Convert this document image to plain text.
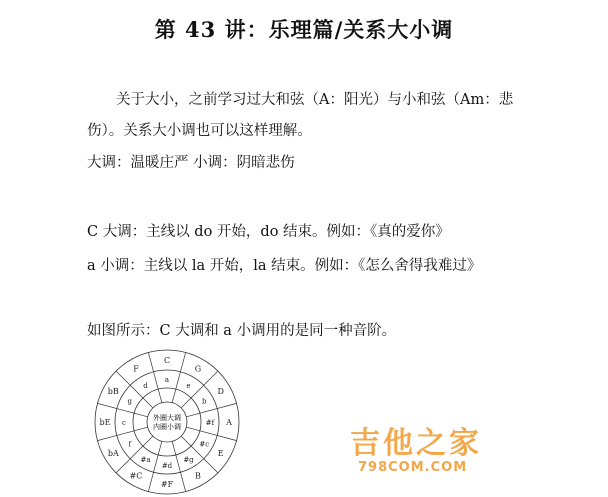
第 43 讲：乐理篇/关系大小调
关于大小，之前学习过大和弦（A：阳光）与小和弦（Am：悲
伤）。关系大小调也可以这样理解。
大调：温暖庄严 小调：阴暗悲伤
C 大调：主线以 do 开始，do 结束。例如：《真的爱你》
a 小调：主线以 la 开始，la 结束。例如：《怎么舍得我难过》
如图所示：C 大调和 a 小调用的是同一种音阶。
C
G
D
A
E
B
#F
#C
bA
bE
bB
F
a
e
b
#f
#c
#g
#d
#a
f
c
g
d
外圈大调
内圈小调	吉他之家
798COM.COM
